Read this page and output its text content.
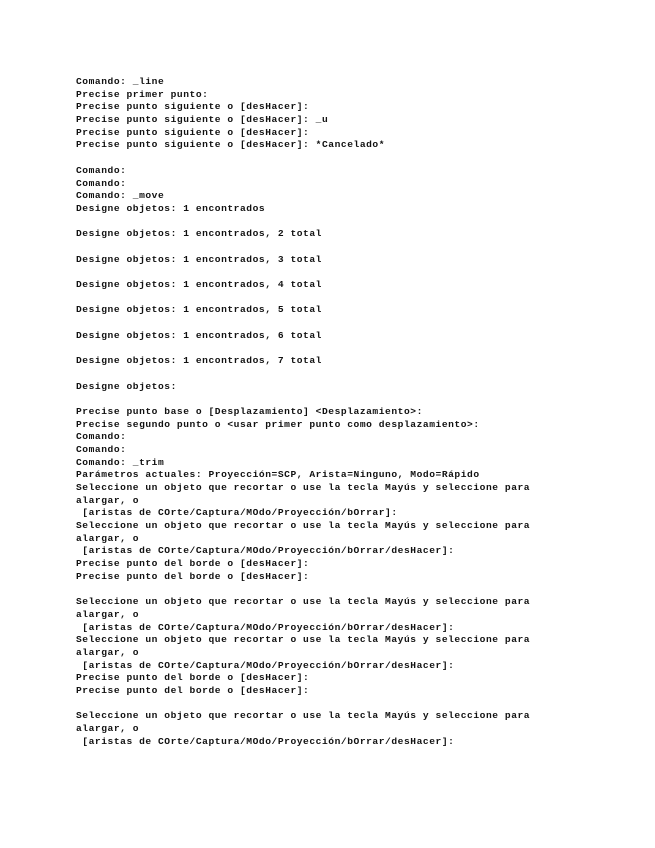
Comando: _line
Precise primer punto:
Precise punto siguiente o [desHacer]:
Precise punto siguiente o [desHacer]: _u
Precise punto siguiente o [desHacer]:
Precise punto siguiente o [desHacer]: *Cancelado*
Comando:
Comando:
Comando: _move
Designe objetos: 1 encontrados
Designe objetos: 1 encontrados, 2 total
Designe objetos: 1 encontrados, 3 total
Designe objetos: 1 encontrados, 4 total
Designe objetos: 1 encontrados, 5 total
Designe objetos: 1 encontrados, 6 total
Designe objetos: 1 encontrados, 7 total
Designe objetos:
Precise punto base o [Desplazamiento] <Desplazamiento>:
Precise segundo punto o <usar primer punto como desplazamiento>:
Comando:
Comando:
Comando: _trim
Parámetros actuales: Proyección=SCP, Arista=Ninguno, Modo=Rápido
Seleccione un objeto que recortar o use la tecla Mayús y seleccione para
alargar, o
[aristas de COrte/Captura/MOdo/Proyección/bOrrar]:
Seleccione un objeto que recortar o use la tecla Mayús y seleccione para
alargar, o
[aristas de COrte/Captura/MOdo/Proyección/bOrrar/desHacer]:
Precise punto del borde o [desHacer]:
Precise punto del borde o [desHacer]:
Seleccione un objeto que recortar o use la tecla Mayús y seleccione para
alargar, o
[aristas de COrte/Captura/MOdo/Proyección/bOrrar/desHacer]:
Seleccione un objeto que recortar o use la tecla Mayús y seleccione para
alargar, o
[aristas de COrte/Captura/MOdo/Proyección/bOrrar/desHacer]:
Precise punto del borde o [desHacer]:
Precise punto del borde o [desHacer]:
Seleccione un objeto que recortar o use la tecla Mayús y seleccione para
alargar, o
[aristas de COrte/Captura/MOdo/Proyección/bOrrar/desHacer]:
